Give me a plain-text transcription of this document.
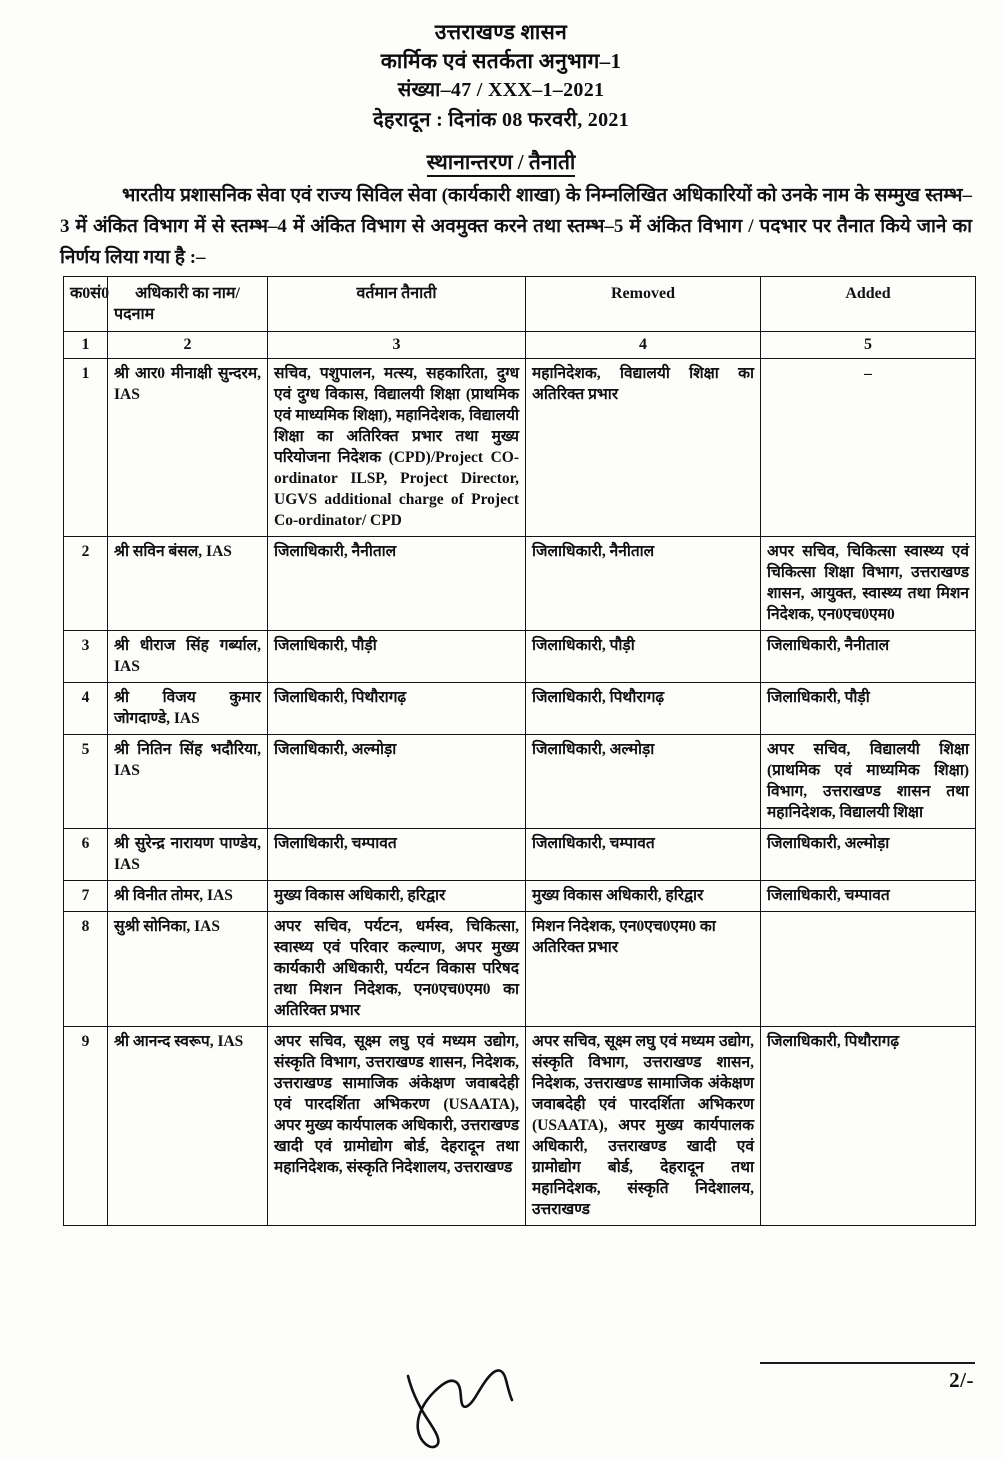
उत्तराखण्ड शासन
कार्मिक एवं सतर्कता अनुभाग–1
संख्या–47 / XXX–1–2021
देहरादून : दिनांक 08 फरवरी, 2021
स्थानान्तरण / तैनाती
भारतीय प्रशासनिक सेवा एवं राज्य सिविल सेवा (कार्यकारी शाखा) के निम्नलिखित अधिकारियों को उनके नाम के सम्मुख स्तम्भ–3 में अंकित विभाग में से स्तम्भ–4 में अंकित विभाग से अवमुक्त करने तथा स्तम्भ–5 में अंकित विभाग / पदभार पर तैनात किये जाने का निर्णय लिया गया है :–
क0सं0	अधिकारी का नाम/ पदनाम	वर्तमान तैनाती	Removed	Added
1	2	3	4	5
1	श्री आर0 मीनाक्षी सुन्दरम, IAS	सचिव, पशुपालन, मत्स्य, सहकारिता, दुग्ध एवं दुग्ध विकास, विद्यालयी शिक्षा (प्राथमिक एवं माध्यमिक शिक्षा), महानिदेशक, विद्यालयी शिक्षा का अतिरिक्त प्रभार तथा मुख्य परियोजना निदेशक (CPD)/Project CO-ordinator ILSP, Project Director, UGVS additional charge of Project Co-ordinator/ CPD	महानिदेशक, विद्यालयी शिक्षा का अतिरिक्त प्रभार	–
2	श्री सविन बंसल, IAS	जिलाधिकारी, नैनीताल	जिलाधिकारी, नैनीताल	अपर सचिव, चिकित्सा स्वास्थ्य एवं चिकित्सा शिक्षा विभाग, उत्तराखण्ड शासन, आयुक्त, स्वास्थ्य तथा मिशन निदेशक, एन0एच0एम0
3	श्री धीराज सिंह गर्ब्याल, IAS	जिलाधिकारी, पौड़ी	जिलाधिकारी, पौड़ी	जिलाधिकारी, नैनीताल
4	श्री विजय कुमार जोगदाण्डे, IAS	जिलाधिकारी, पिथौरागढ़	जिलाधिकारी, पिथौरागढ़	जिलाधिकारी, पौड़ी
5	श्री नितिन सिंह भदौरिया, IAS	जिलाधिकारी, अल्मोड़ा	जिलाधिकारी, अल्मोड़ा	अपर सचिव, विद्यालयी शिक्षा (प्राथमिक एवं माध्यमिक शिक्षा) विभाग, उत्तराखण्ड शासन तथा महानिदेशक, विद्यालयी शिक्षा
6	श्री सुरेन्द्र नारायण पाण्डेय, IAS	जिलाधिकारी, चम्पावत	जिलाधिकारी, चम्पावत	जिलाधिकारी, अल्मोड़ा
7	श्री विनीत तोमर, IAS	मुख्य विकास अधिकारी, हरिद्वार	मुख्य विकास अधिकारी, हरिद्वार	जिलाधिकारी, चम्पावत
8	सुश्री सोनिका, IAS	अपर सचिव, पर्यटन, धर्मस्व, चिकित्सा, स्वास्थ्य एवं परिवार कल्याण, अपर मुख्य कार्यकारी अधिकारी, पर्यटन विकास परिषद तथा मिशन निदेशक, एन0एच0एम0 का अतिरिक्त प्रभार	मिशन निदेशक, एन0एच0एम0 का अतिरिक्त प्रभार	
9	श्री आनन्द स्वरूप, IAS	अपर सचिव, सूक्ष्म लघु एवं मध्यम उद्योग, संस्कृति विभाग, उत्तराखण्ड शासन, निदेशक, उत्तराखण्ड सामाजिक अंकेक्षण जवाबदेही एवं पारदर्शिता अभिकरण (USAATA), अपर मुख्य कार्यपालक अधिकारी, उत्तराखण्ड खादी एवं ग्रामोद्योग बोर्ड, देहरादून तथा महानिदेशक, संस्कृति निदेशालय, उत्तराखण्ड	अपर सचिव, सूक्ष्म लघु एवं मध्यम उद्योग, संस्कृति विभाग, उत्तराखण्ड शासन, निदेशक, उत्तराखण्ड सामाजिक अंकेक्षण जवाबदेही एवं पारदर्शिता अभिकरण (USAATA), अपर मुख्य कार्यपालक अधिकारी, उत्तराखण्ड खादी एवं ग्रामोद्योग बोर्ड, देहरादून तथा महानिदेशक, संस्कृति निदेशालय, उत्तराखण्ड	जिलाधिकारी, पिथौरागढ़
2/-
